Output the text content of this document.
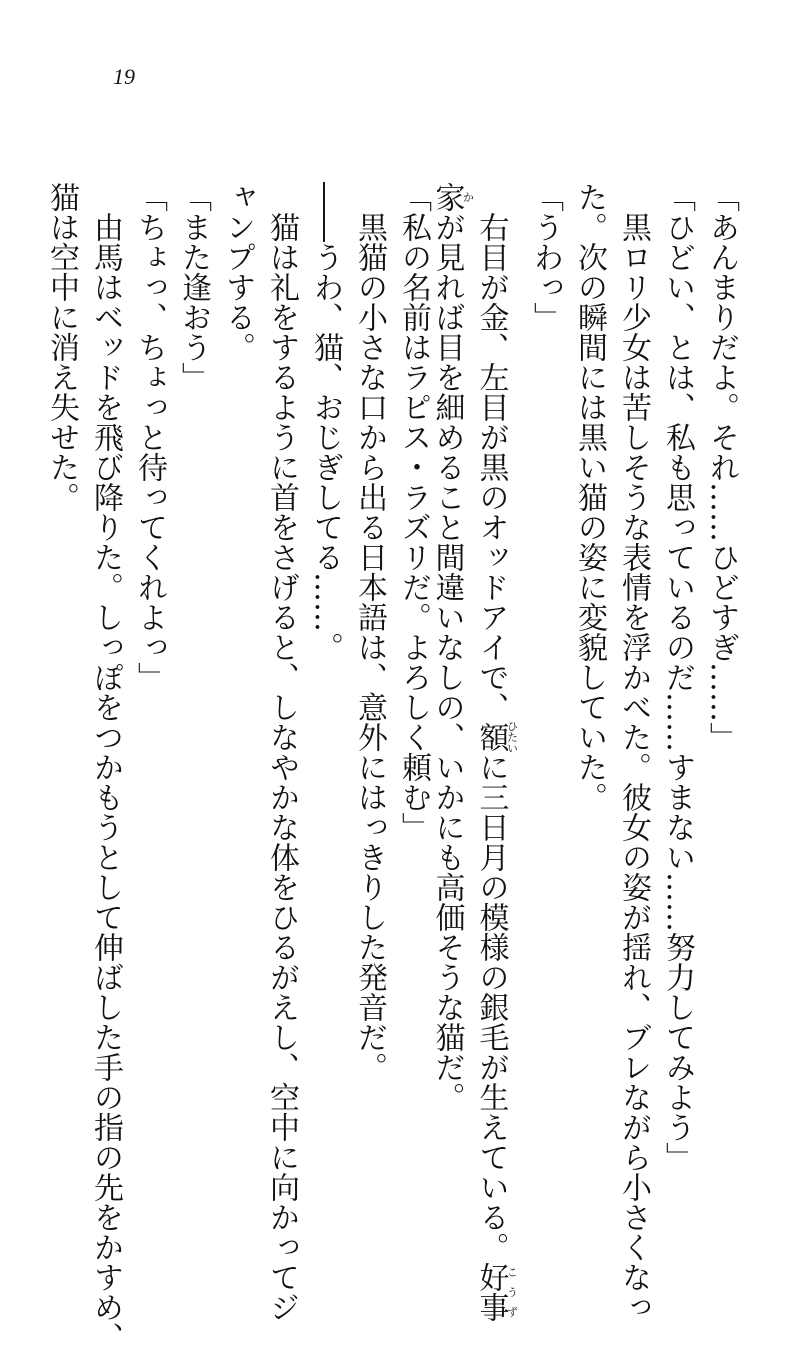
19
「あんまりだよ。それ……ひどすぎ……」
「ひどい、とは、私も思っているのだ……すまない……努力してみよう」
　黒ロリ少女は苦しそうな表情を浮かべた。彼女の姿が揺れ、ブレながら小さくなっ
た。次の瞬間には黒い猫の姿に変貌していた。
「うわっ」
　右目が金、左目が黒のオッドアイで、額ひたいに三日月の模様の銀毛が生えている。好事こうず
家かが見れば目を細めること間違いなしの、いかにも高価そうな猫だ。
「私の名前はラピス・ラズリだ。よろしく頼む」
　黒猫の小さな口から出る日本語は、意外にはっきりした発音だ。
――うわ、猫、おじぎしてる……。
　猫は礼をするように首をさげると、しなやかな体をひるがえし、空中に向かってジ
ャンプする。
「また逢おう」
「ちょっ、ちょっと待ってくれよっ」
　由馬はベッドを飛び降りた。しっぽをつかもうとして伸ばした手の指の先をかすめ、
猫は空中に消え失せた。
